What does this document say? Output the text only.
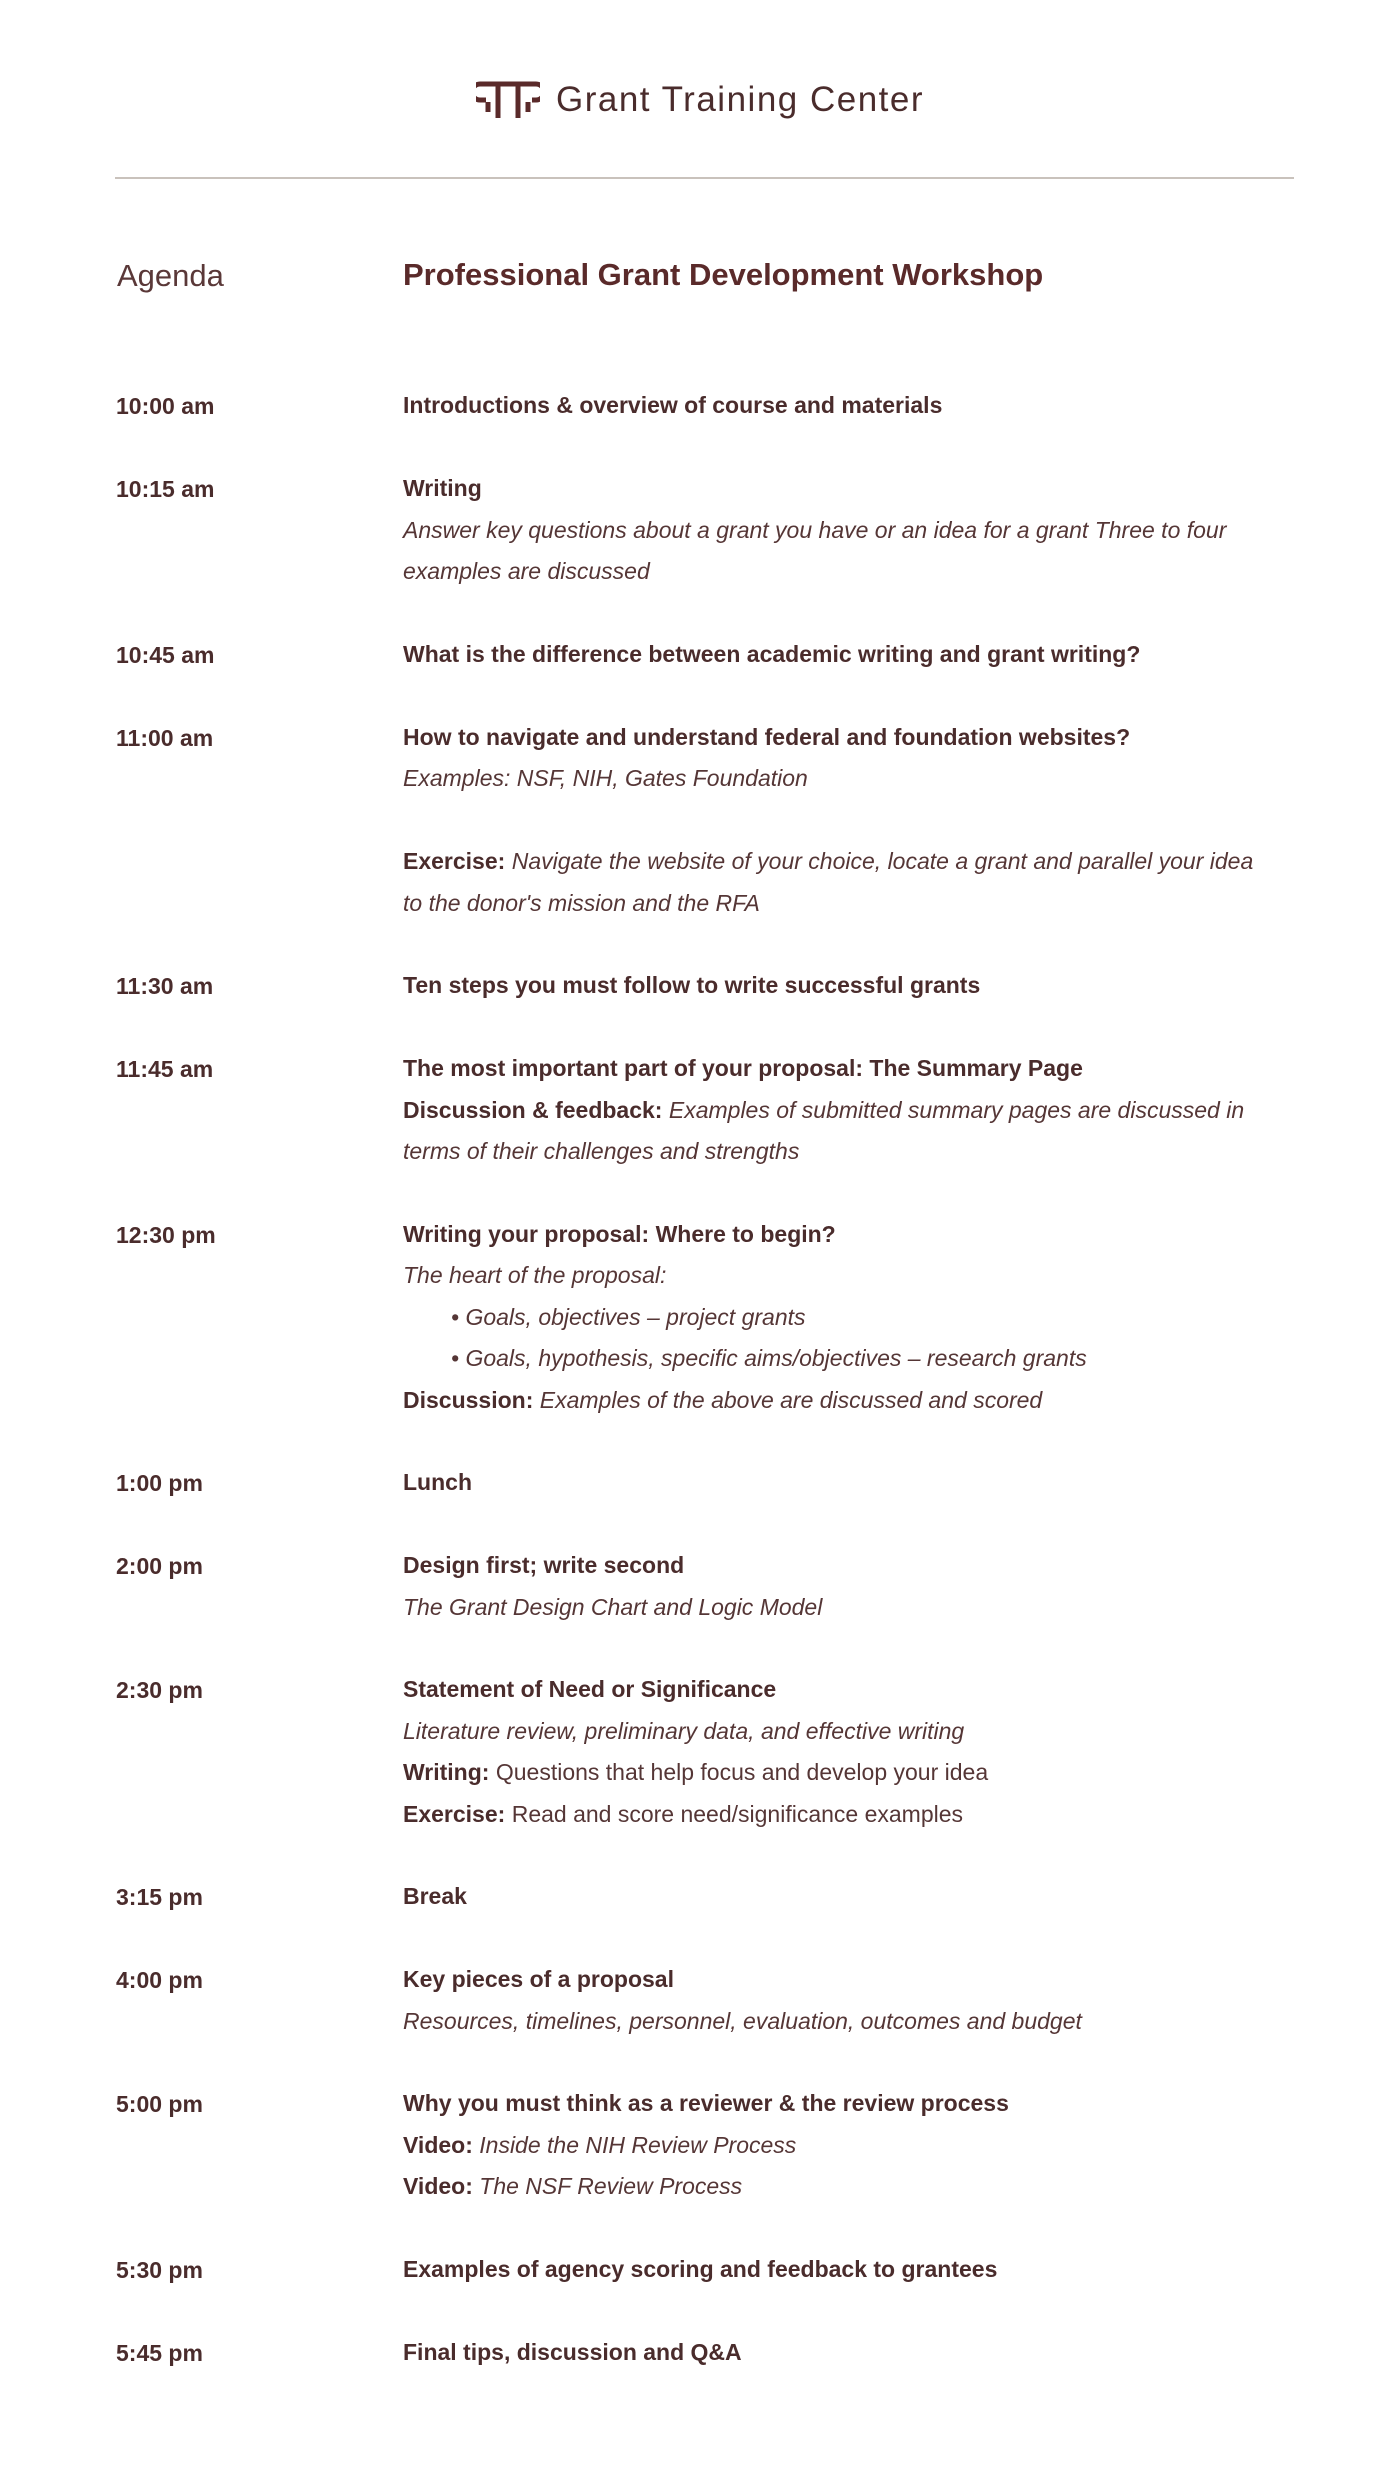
Grant Training Center
Agenda	Professional Grant Development Workshop
10:00 am	Introductions & overview of course and materials
10:15 am	Writing
Answer key questions about a grant you have or an idea for a grant Three to four examples are discussed
10:45 am	What is the difference between academic writing and grant writing?
11:00 am	How to navigate and understand federal and foundation websites?
Examples: NSF, NIH, Gates Foundation
Exercise: Navigate the website of your choice, locate a grant and parallel your idea to the donor's mission and the RFA
11:30 am	Ten steps you must follow to write successful grants
11:45 am	The most important part of your proposal: The Summary Page
Discussion & feedback: Examples of submitted summary pages are discussed in terms of their challenges and strengths
12:30 pm	Writing your proposal: Where to begin?
The heart of the proposal:
• Goals, objectives – project grants
• Goals, hypothesis, specific aims/objectives – research grants
Discussion: Examples of the above are discussed and scored
1:00 pm	Lunch
2:00 pm	Design first; write second
The Grant Design Chart and Logic Model
2:30 pm	Statement of Need or Significance
Literature review, preliminary data, and effective writing
Writing: Questions that help focus and develop your idea
Exercise: Read and score need/significance examples
3:15 pm	Break
4:00 pm	Key pieces of a proposal
Resources, timelines, personnel, evaluation, outcomes and budget
5:00 pm	Why you must think as a reviewer & the review process
Video: Inside the NIH Review Process
Video: The NSF Review Process
5:30 pm	Examples of agency scoring and feedback to grantees
5:45 pm	Final tips, discussion and Q&A
